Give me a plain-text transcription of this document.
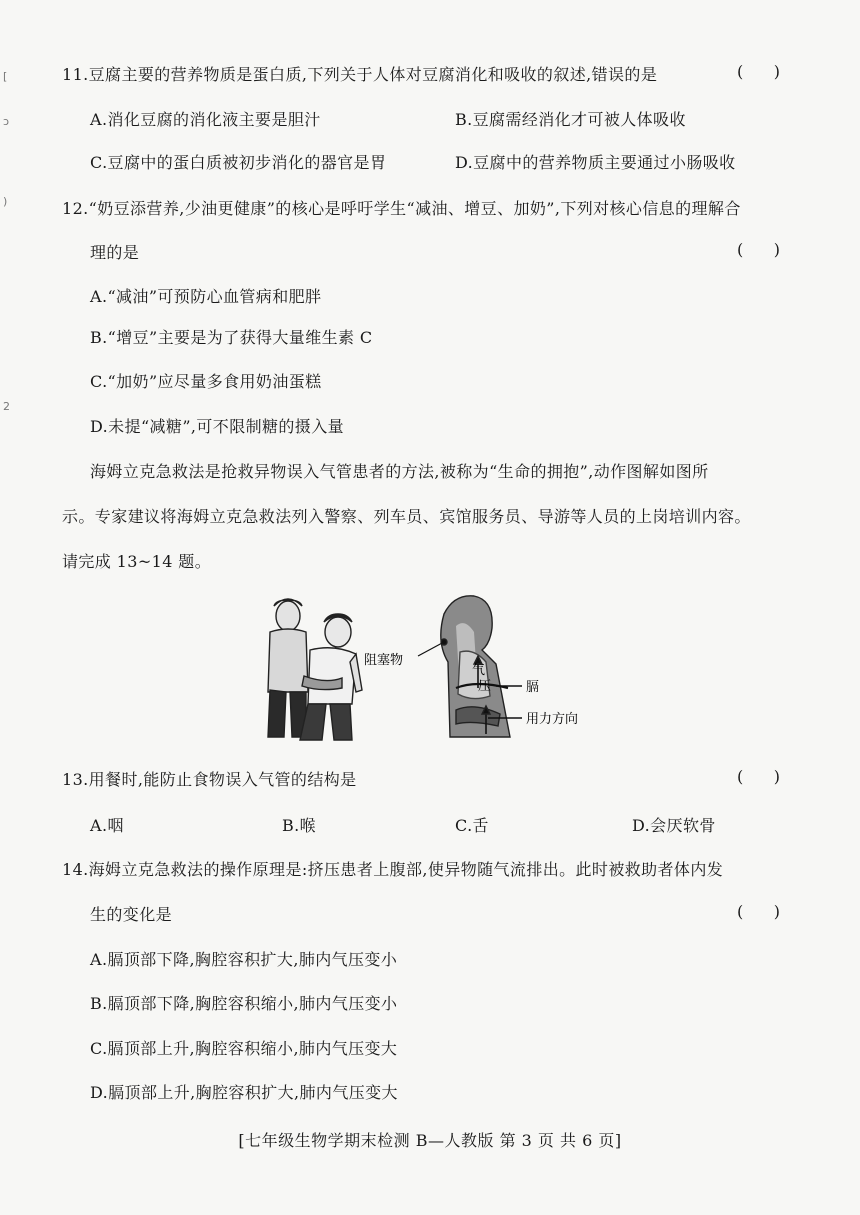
[
ɔ
)
2
11.豆腐主要的营养物质是蛋白质,下列关于人体对豆腐消化和吸收的叙述,错误的是	(      )
A.消化豆腐的消化液主要是胆汁	B.豆腐需经消化才可被人体吸收
C.豆腐中的蛋白质被初步消化的器官是胃	D.豆腐中的营养物质主要通过小肠吸收
12.“奶豆添营养,少油更健康”的核心是呼吁学生“减油、增豆、加奶”,下列对核心信息的理解合
理的是	(      )
A.“减油”可预防心血管病和肥胖
B.“增豆”主要是为了获得大量维生素 C
C.“加奶”应尽量多食用奶油蛋糕
D.未提“减糖”,可不限制糖的摄入量
海姆立克急救法是抢救异物误入气管患者的方法,被称为“生命的拥抱”,动作图解如图所
示。专家建议将海姆立克急救法列入警察、列车员、宾馆服务员、导游等人员的上岗培训内容。
请完成 13~14 题。
阻塞物
气
压	膈
用力方向
13.用餐时,能防止食物误入气管的结构是	(      )
A.咽	B.喉	C.舌	D.会厌软骨
14.海姆立克急救法的操作原理是:挤压患者上腹部,使异物随气流排出。此时被救助者体内发
生的变化是	(      )
A.膈顶部下降,胸腔容积扩大,肺内气压变小
B.膈顶部下降,胸腔容积缩小,肺内气压变小
C.膈顶部上升,胸腔容积缩小,肺内气压变大
D.膈顶部上升,胸腔容积扩大,肺内气压变大
[七年级生物学期末检测 B—人教版 第 3 页 共 6 页]
